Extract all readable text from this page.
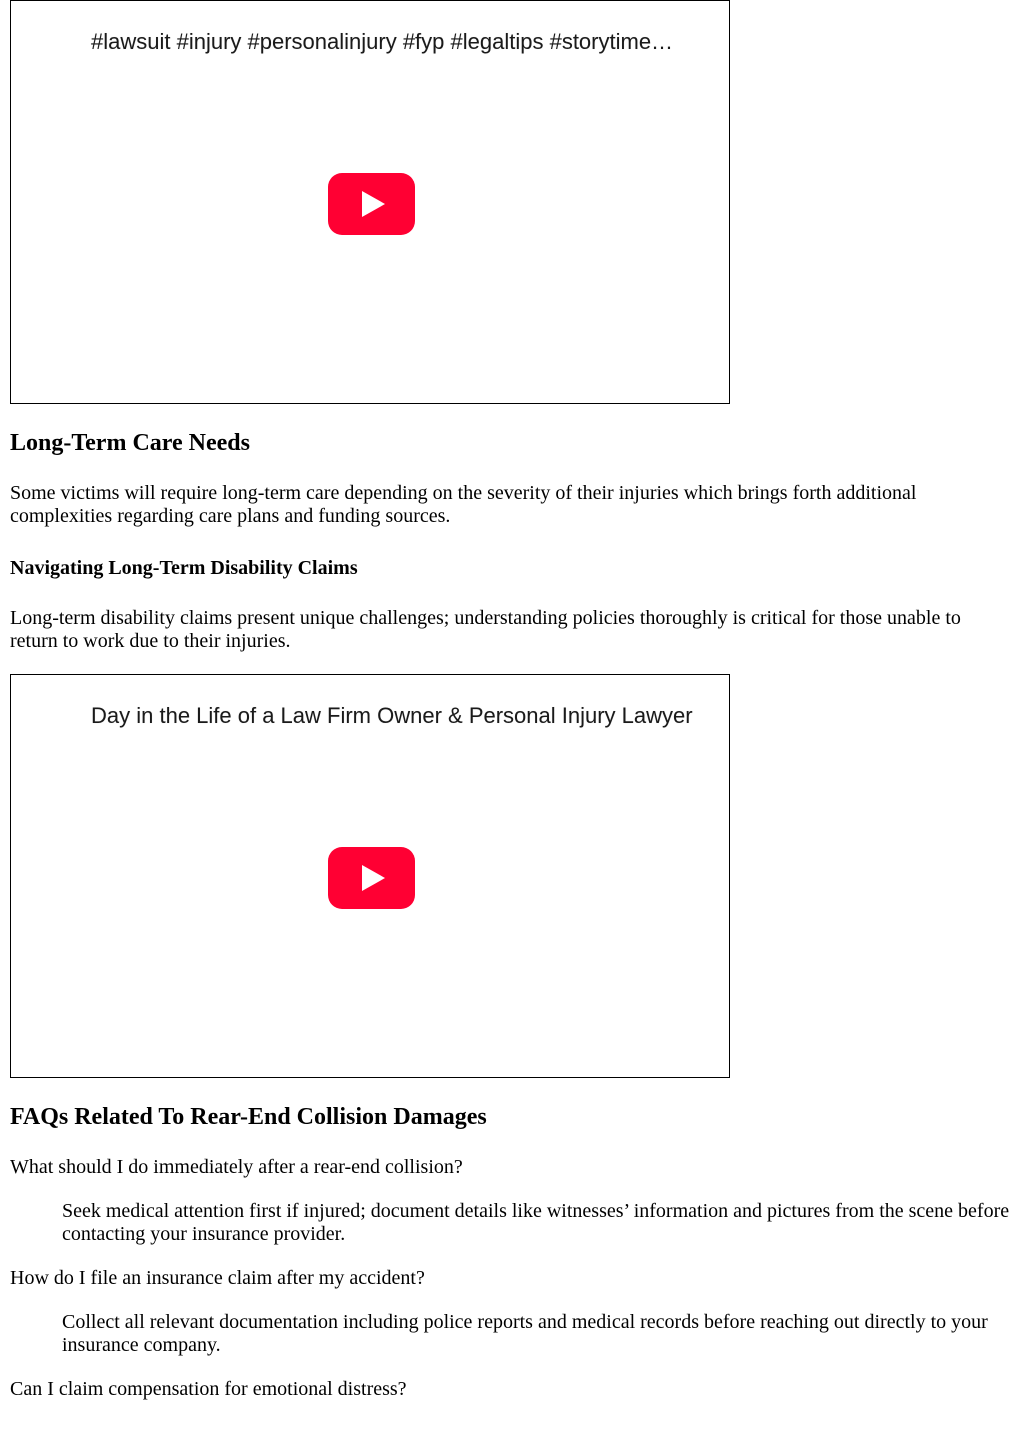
#lawsuit #injury #personalinjury #fyp #legaltips #storytime…
Long-Term Care Needs

Some victims will require long-term care depending on the severity of their injuries which brings forth additional complexities regarding care plans and funding sources.

Navigating Long-Term Disability Claims

Long-term disability claims present unique challenges; understanding policies thoroughly is critical for those unable to return to work due to their injuries.

Day in the Life of a Law Firm Owner & Personal Injury Lawyer
FAQs Related To Rear-End Collision Damages

What should I do immediately after a rear-end collision?

Seek medical attention first if injured; document details like witnesses’ information and pictures from the scene before contacting your insurance provider.

How do I file an insurance claim after my accident?

Collect all relevant documentation including police reports and medical records before reaching out directly to your insurance company.

Can I claim compensation for emotional distress?
